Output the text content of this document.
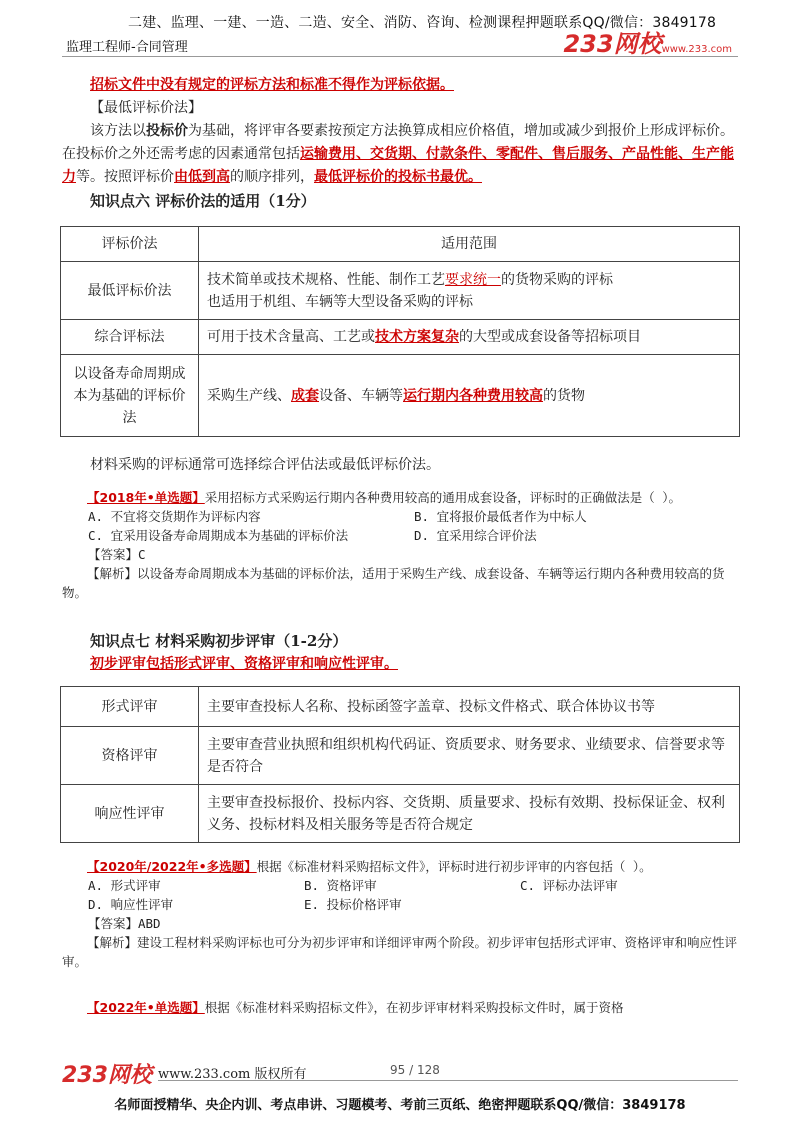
二建、监理、一建、一造、二造、安全、消防、咨询、检测课程押题联系QQ/微信：3849178
监理工程师-合同管理	233网校www.233.com
招标文件中没有规定的评标方法和标准不得作为评标依据。
【最低评标价法】
该方法以投标价为基础，将评审各要素按预定方法换算成相应价格值，增加或减少到报价上形成评标价。在投标价之外还需考虑的因素通常包括运输费用、交货期、付款条件、零配件、售后服务、产品性能、生产能力等。按照评标价由低到高的顺序排列，最低评标价的投标书最优。
知识点六 评标价法的适用（1分）
评标价法	适用范围
最低评标价法	技术简单或技术规格、性能、制作工艺要求统一的货物采购的评标
也适用于机组、车辆等大型设备采购的评标
综合评标法	可用于技术含量高、工艺或技术方案复杂的大型或成套设备等招标项目
以设备寿命周期成本为基础的评标价法	采购生产线、成套设备、车辆等运行期内各种费用较高的货物
材料采购的评标通常可选择综合评估法或最低评标价法。
【2018年•单选题】采用招标方式采购运行期内各种费用较高的通用成套设备，评标时的正确做法是（ ）。
A. 不宜将交货期作为评标内容	B. 宜将报价最低者作为中标人
C. 宜采用设备寿命周期成本为基础的评标价法	D. 宜采用综合评价法
【答案】C
【解析】以设备寿命周期成本为基础的评标价法，适用于采购生产线、成套设备、车辆等运行期内各种费用较高的货物。
知识点七 材料采购初步评审（1-2分）
初步评审包括形式评审、资格评审和响应性评审。
形式评审	主要审查投标人名称、投标函签字盖章、投标文件格式、联合体协议书等
资格评审	主要审查营业执照和组织机构代码证、资质要求、财务要求、业绩要求、信誉要求等是否符合
响应性评审	主要审查投标报价、投标内容、交货期、质量要求、投标有效期、投标保证金、权利义务、投标材料及相关服务等是否符合规定
【2020年/2022年•多选题】根据《标准材料采购招标文件》，评标时进行初步评审的内容包括（ ）。
A. 形式评审	B. 资格评审	C. 评标办法评审
D. 响应性评审	E. 投标价格评审
【答案】ABD
【解析】建设工程材料采购评标也可分为初步评审和详细评审两个阶段。初步评审包括形式评审、资格评审和响应性评审。
【2022年•单选题】根据《标准材料采购招标文件》，在初步评审材料采购投标文件时，属于资格
233网校 www.233.com 版权所有	95 / 128
名师面授精华、央企内训、考点串讲、习题模考、考前三页纸、绝密押题联系QQ/微信：3849178
